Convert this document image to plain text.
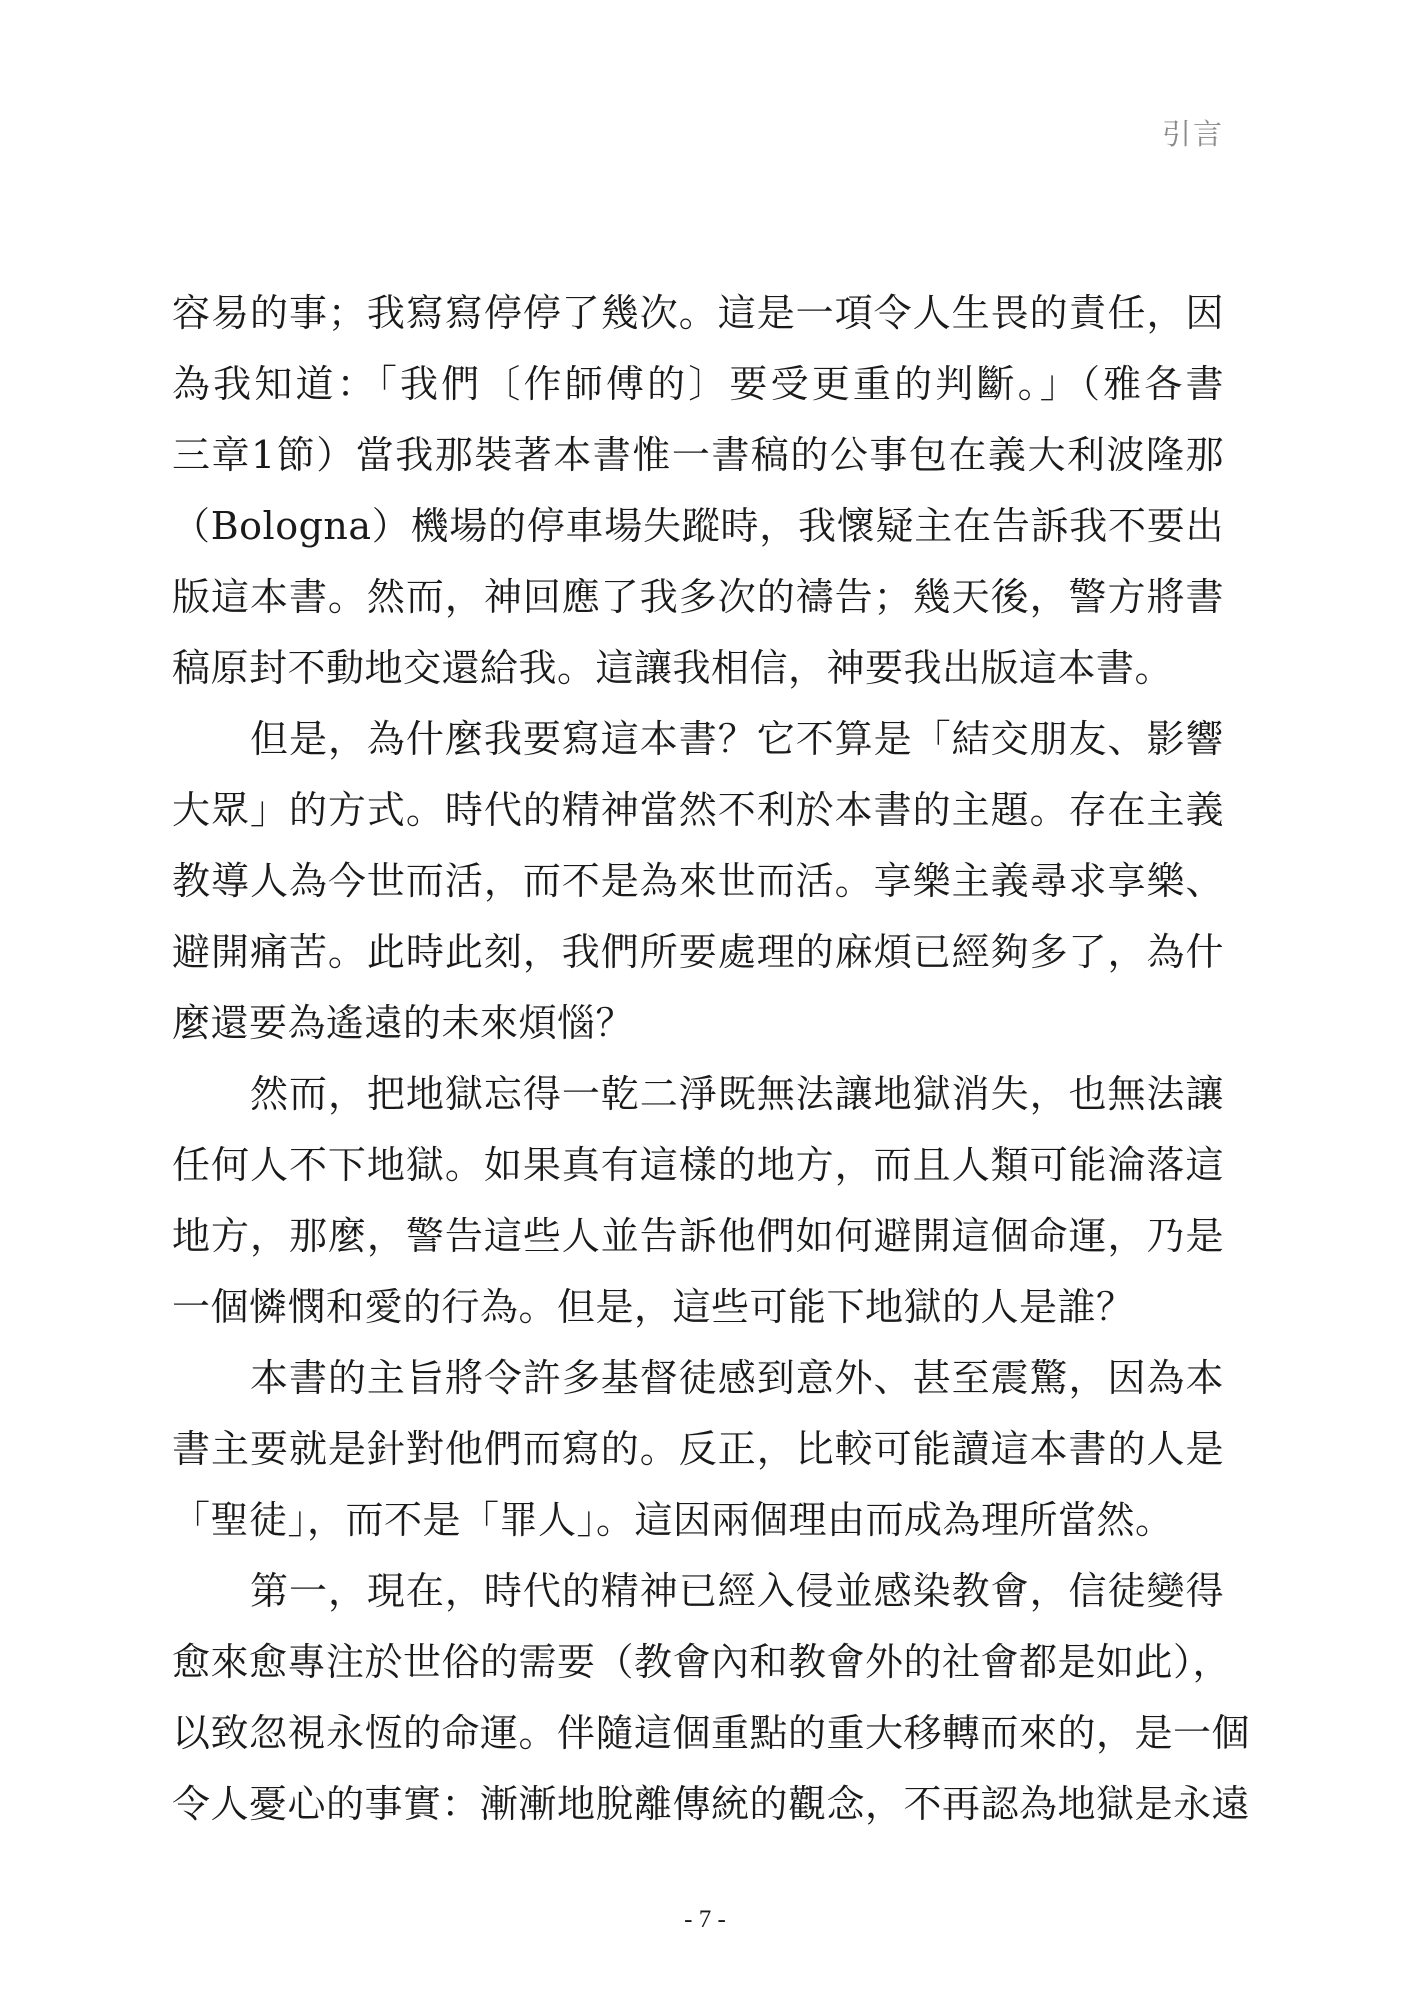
引言
容易的事；我寫寫停停了幾次。這是一項令人生畏的責任，因
為我知道：「我們〔作師傅的〕要受更重的判斷。」（雅各書
三章1節）當我那裝著本書惟一書稿的公事包在義大利波隆那
（Bologna）機場的停車場失蹤時，我懷疑主在告訴我不要出
版這本書。然而，神回應了我多次的禱告；幾天後，警方將書
稿原封不動地交還給我。這讓我相信，神要我出版這本書。
但是，為什麼我要寫這本書？它不算是「結交朋友、影響
大眾」的方式。時代的精神當然不利於本書的主題。存在主義
教導人為今世而活，而不是為來世而活。享樂主義尋求享樂、
避開痛苦。此時此刻，我們所要處理的麻煩已經夠多了，為什
麼還要為遙遠的未來煩惱？
然而，把地獄忘得一乾二淨既無法讓地獄消失，也無法讓
任何人不下地獄。如果真有這樣的地方，而且人類可能淪落這
地方，那麼，警告這些人並告訴他們如何避開這個命運，乃是
一個憐憫和愛的行為。但是，這些可能下地獄的人是誰？
本書的主旨將令許多基督徒感到意外、甚至震驚，因為本
書主要就是針對他們而寫的。反正，比較可能讀這本書的人是
「聖徒」，而不是「罪人」。這因兩個理由而成為理所當然。
第一，現在，時代的精神已經入侵並感染教會，信徒變得
愈來愈專注於世俗的需要（教會內和教會外的社會都是如此），
以致忽視永恆的命運。伴隨這個重點的重大移轉而來的，是一個
令人憂心的事實：漸漸地脫離傳統的觀念，不再認為地獄是永遠
- 7 -
